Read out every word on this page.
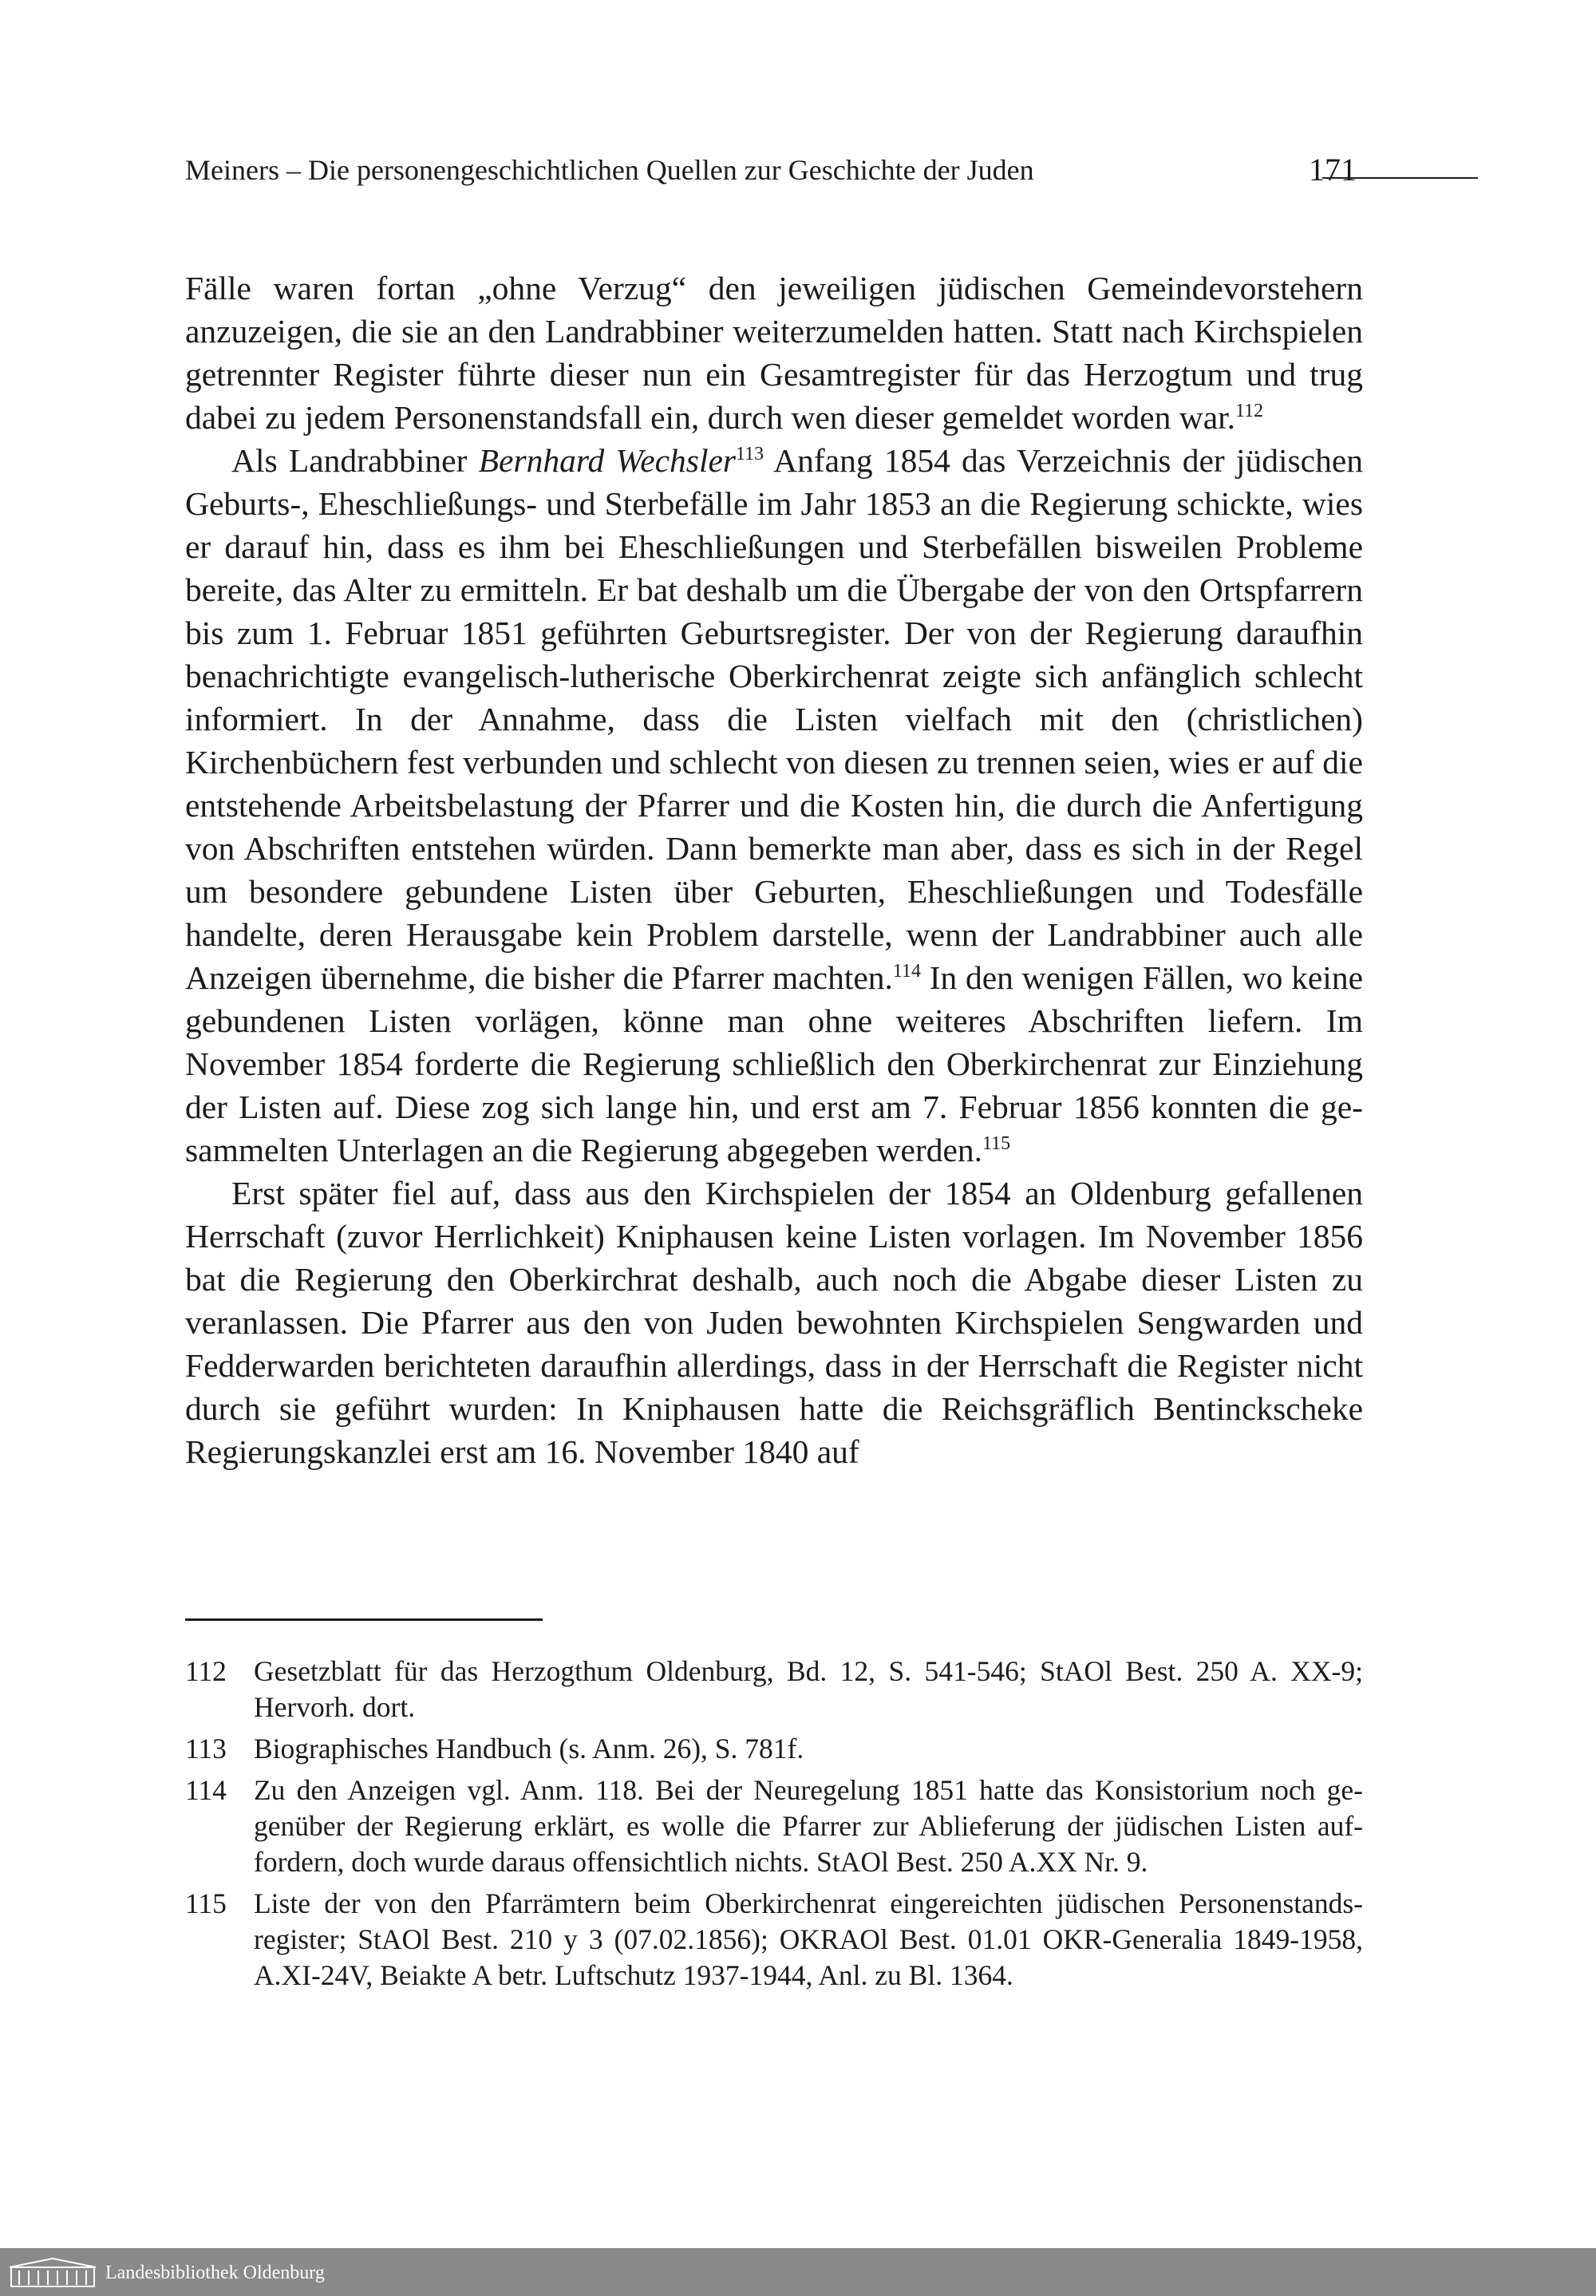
Meiners – Die personengeschichtlichen Quellen zur Geschichte der Juden	171

Fälle waren fortan „ohne Verzug“ den jeweiligen jüdischen Gemeindevorstehern anzuzeigen, die sie an den Landrabbiner weiterzumelden hatten. Statt nach Kirchspielen getrennter Register führte dieser nun ein Gesamtregister für das Herzogtum und trug dabei zu jedem Personenstandsfall ein, durch wen dieser gemeldet worden war.$^{112}$

Als Landrabbiner Bernhard Wechsler$^{113}$ Anfang 1854 das Verzeichnis der jüdischen Geburts-, Eheschließungs- und Sterbefälle im Jahr 1853 an die Regierung schickte, wies er darauf hin, dass es ihm bei Eheschließungen und Sterbefällen bisweilen Probleme bereite, das Alter zu ermitteln. Er bat deshalb um die Übergabe der von den Ortspfarrern bis zum 1. Februar 1851 geführten Geburtsregister. Der von der Regierung daraufhin benachrichtigte evangelisch-lutherische Oberkirchenrat zeigte sich anfänglich schlecht informiert. In der Annahme, dass die Listen vielfach mit den (christlichen) Kirchenbüchern fest verbunden und schlecht von diesen zu trennen seien, wies er auf die entstehende Arbeitsbelastung der Pfarrer und die Kosten hin, die durch die Anfertigung von Abschriften entstehen würden. Dann bemerkte man aber, dass es sich in der Regel um besondere gebundene Listen über Geburten, Eheschließungen und Todesfälle handelte, deren Herausgabe kein Problem darstelle, wenn der Landrabbiner auch alle Anzeigen übernehme, die bisher die Pfarrer machten.$^{114}$ In den wenigen Fällen, wo keine gebundenen Listen vorlägen, könne man ohne weiteres Abschriften liefern. Im November 1854 forderte die Regierung schließlich den Oberkirchenrat zur Einziehung der Listen auf. Diese zog sich lange hin, und erst am 7. Februar 1856 konnten die gesammelten Unterlagen an die Regierung abgegeben werden.$^{115}$

Erst später fiel auf, dass aus den Kirchspielen der 1854 an Oldenburg gefallenen Herrschaft (zuvor Herrlichkeit) Kniphausen keine Listen vorlagen. Im November 1856 bat die Regierung den Oberkirchrat deshalb, auch noch die Abgabe dieser Listen zu veranlassen. Die Pfarrer aus den von Juden bewohnten Kirchspielen Sengwarden und Fedderwarden berichteten daraufhin allerdings, dass in der Herrschaft die Register nicht durch sie geführt wurden: In Kniphausen hatte die Reichsgräflich Bentinckscheke Regierungskanzlei erst am 16. November 1840 auf

112 Gesetzblatt für das Herzogthum Oldenburg, Bd. 12, S. 541-546; StAOl Best. 250 A. XX-9; Hervorh. dort.

113 Biographisches Handbuch (s. Anm. 26), S. 781f.

114 Zu den Anzeigen vgl. Anm. 118. Bei der Neuregelung 1851 hatte das Konsistorium noch gegenüber der Regierung erklärt, es wolle die Pfarrer zur Ablieferung der jüdischen Listen auffordern, doch wurde daraus offensichtlich nichts. StAOl Best. 250 A.XX Nr. 9.

115 Liste der von den Pfarrämtern beim Oberkirchenrat eingereichten jüdischen Personenstandsregister; StAOl Best. 210 y 3 (07.02.1856); OKRAOl Best. 01.01 OKR-Generalia 1849-1958, A.XI-24V, Beiakte A betr. Luftschutz 1937-1944, Anl. zu Bl. 1364.

Landesbibliothek Oldenburg
